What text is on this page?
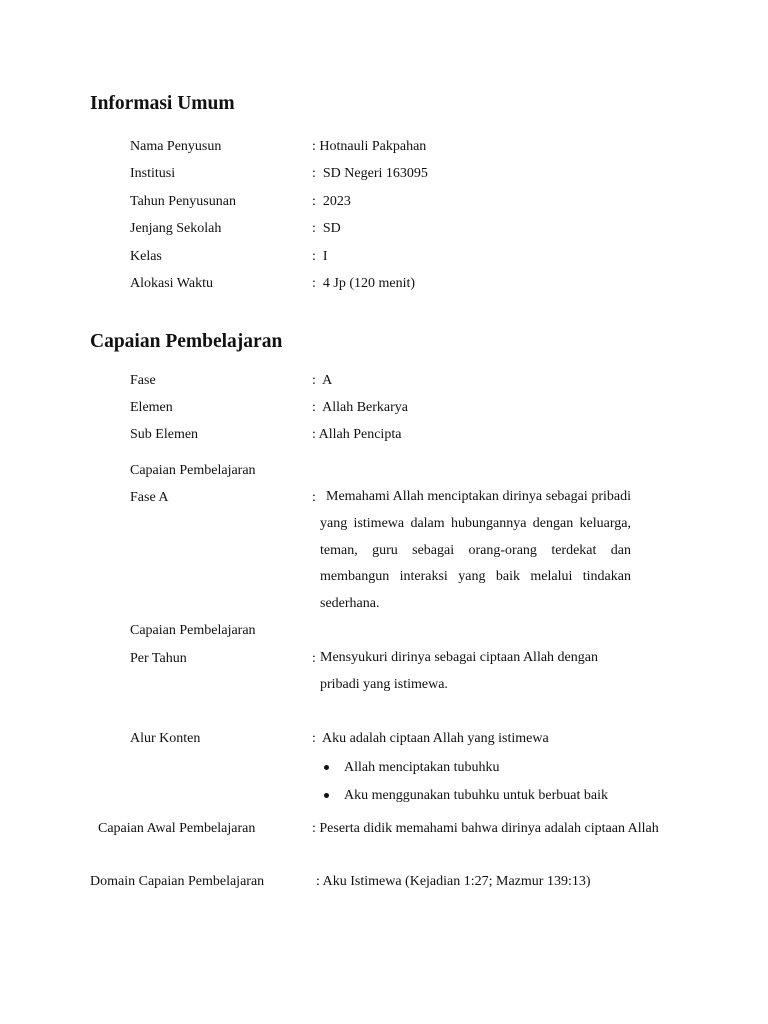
Informasi Umum
Nama Penyusun	: Hotnauli Pakpahan
Institusi	:  SD Negeri 163095
Tahun Penyusunan	:  2023
Jenjang Sekolah	:  SD
Kelas	:  I
Alokasi Waktu	:  4 Jp (120 menit)
Capaian Pembelajaran
Fase	:  A
Elemen	:  Allah Berkarya
Sub Elemen	: Allah Pencipta
Capaian Pembelajaran
Fase A	: Memahami Allah menciptakan dirinya sebagai pribadi yang istimewa dalam hubungannya dengan keluarga, teman, guru sebagai orang-orang terdekat dan membangun interaksi yang baik melalui tindakan sederhana.
Capaian Pembelajaran
Per Tahun	: Mensyukuri dirinya sebagai ciptaan Allah dengan pribadi yang istimewa.
Alur Konten	: Aku adalah ciptaan Allah yang istimewa
Allah menciptakan tubuhku
Aku menggunakan tubuhku untuk berbuat baik
Capaian Awal Pembelajaran	: Peserta didik memahami bahwa dirinya adalah ciptaan Allah
Domain Capaian Pembelajaran	: Aku Istimewa (Kejadian 1:27; Mazmur 139:13)
